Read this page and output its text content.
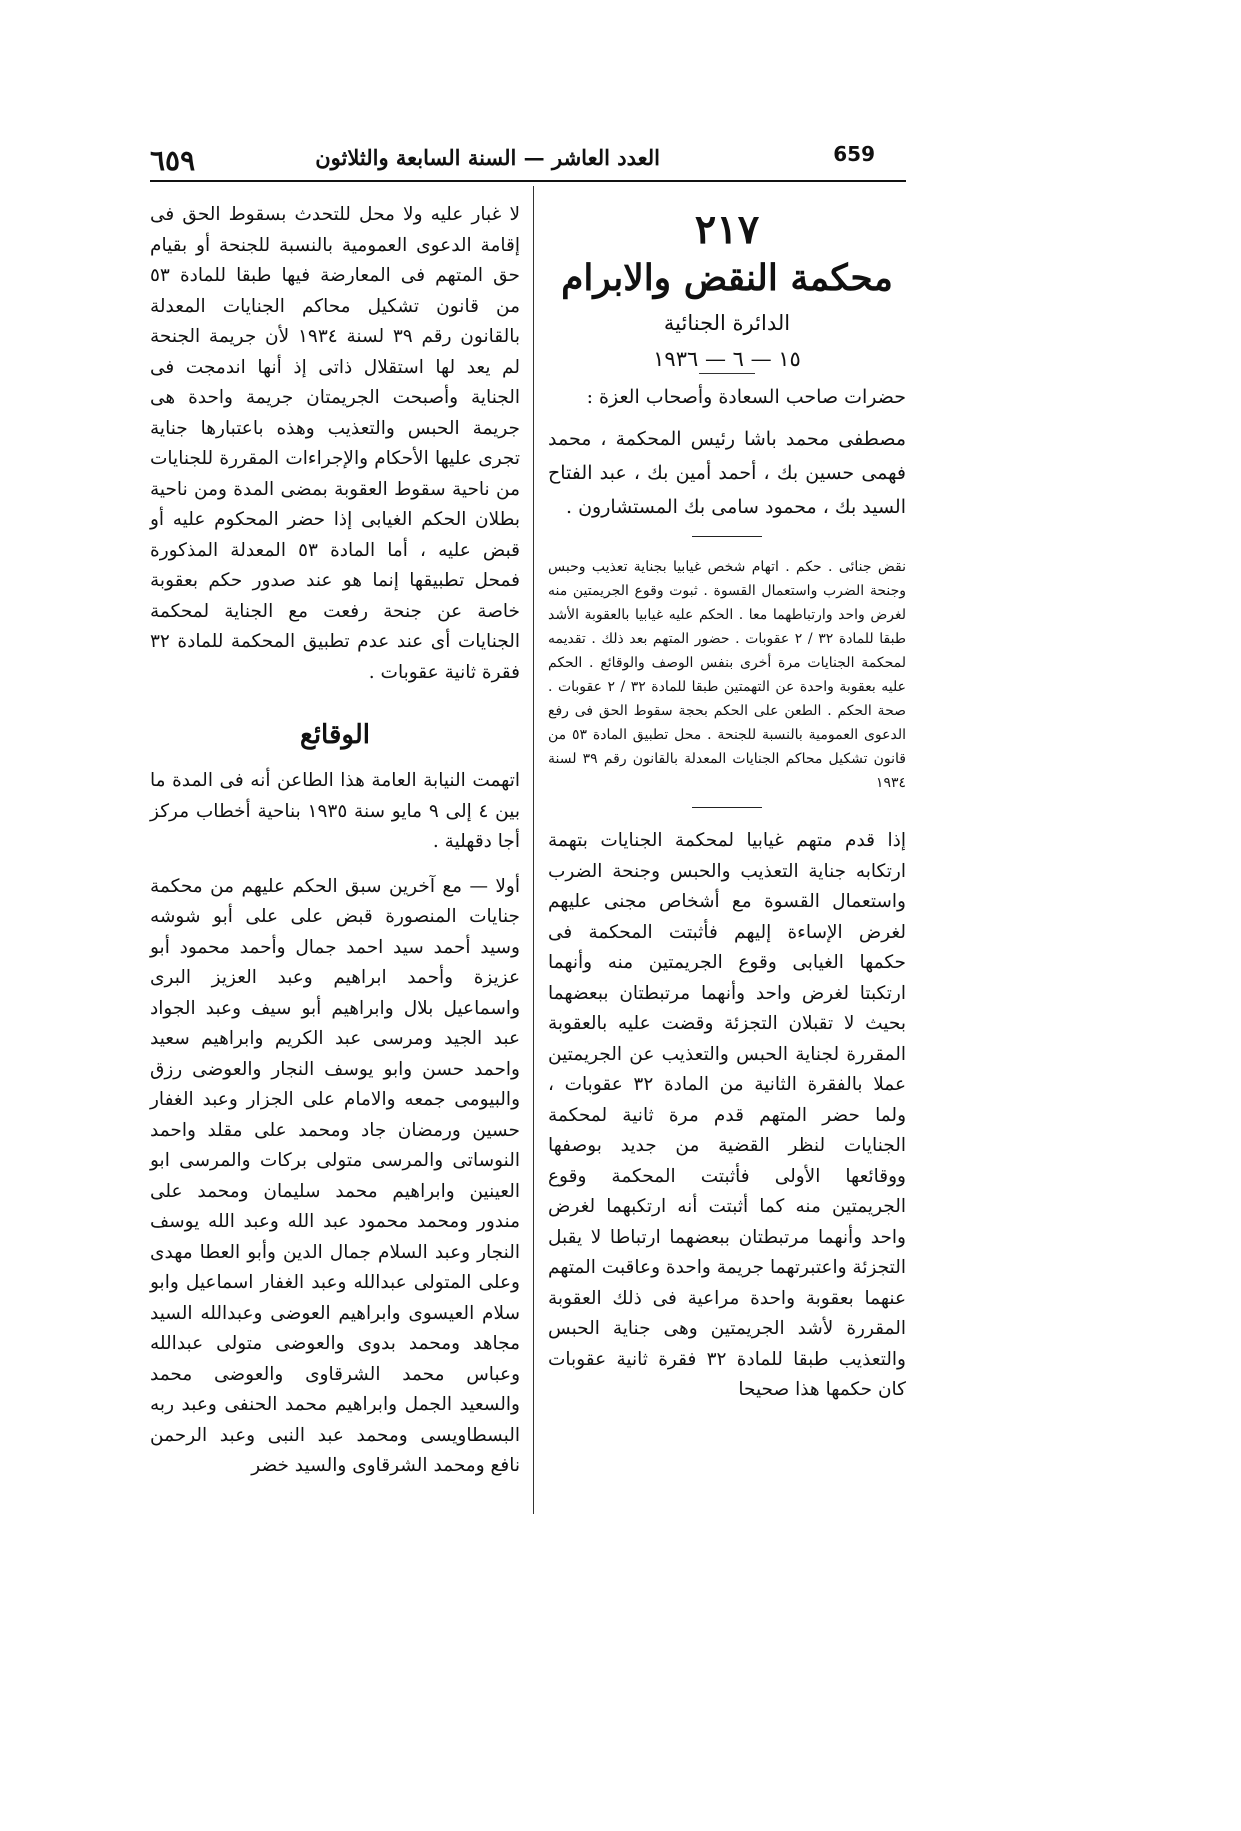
٦٥٩	العدد العاشر — السنة السابعة والثلاثون	659
٢١٧
محكمة النقض والابرام
الدائرة الجنائية
١٥ — ٦ — ١٩٣٦

حضرات صاحب السعادة وأصحاب العزة :

مصطفى محمد باشا رئيس المحكمة ، محمد فهمى حسين بك ، أحمد أمين بك ، عبد الفتاح السيد بك ، محمود سامى بك المستشارون .

نقض جنائى . حكم . اتهام شخص غيابيا بجناية تعذيب وحبس وجنحة الضرب واستعمال القسوة . ثبوت وقوع الجريمتين منه لغرض واحد وارتباطهما معا . الحكم عليه غيابيا بالعقوبة الأشد طبقا للمادة ٣٢ / ٢ عقوبات . حضور المتهم بعد ذلك . تقديمه لمحكمة الجنايات مرة أخرى بنفس الوصف والوقائع . الحكم عليه بعقوبة واحدة عن التهمتين طبقا للمادة ٣٢ / ٢ عقوبات . صحة الحكم . الطعن على الحكم بحجة سقوط الحق فى رفع الدعوى العمومية بالنسبة للجنحة . محل تطبيق المادة ٥٣ من قانون تشكيل محاكم الجنايات المعدلة بالقانون رقم ٣٩ لسنة ١٩٣٤

إذا قدم متهم غيابيا لمحكمة الجنايات بتهمة ارتكابه جناية التعذيب والحبس وجنحة الضرب واستعمال القسوة مع أشخاص مجنى عليهم لغرض الإساءة إليهم فأثبتت المحكمة فى حكمها الغيابى وقوع الجريمتين منه وأنهما ارتكبتا لغرض واحد وأنهما مرتبطتان ببعضهما بحيث لا تقبلان التجزئة وقضت عليه بالعقوبة المقررة لجناية الحبس والتعذيب عن الجريمتين عملا بالفقرة الثانية من المادة ٣٢ عقوبات ، ولما حضر المتهم قدم مرة ثانية لمحكمة الجنايات لنظر القضية من جديد بوصفها ووقائعها الأولى فأثبتت المحكمة وقوع الجريمتين منه كما أثبتت أنه ارتكبهما لغرض واحد وأنهما مرتبطتان ببعضهما ارتباطا لا يقبل التجزئة واعتبرتهما جريمة واحدة وعاقبت المتهم عنهما بعقوبة واحدة مراعية فى ذلك العقوبة المقررة لأشد الجريمتين وهى جناية الحبس والتعذيب طبقا للمادة ٣٢ فقرة ثانية عقوبات كان حكمها هذا صحيحا

لا غبار عليه ولا محل للتحدث بسقوط الحق فى إقامة الدعوى العمومية بالنسبة للجنحة أو بقيام حق المتهم فى المعارضة فيها طبقا للمادة ٥٣ من قانون تشكيل محاكم الجنايات المعدلة بالقانون رقم ٣٩ لسنة ١٩٣٤ لأن جريمة الجنحة لم يعد لها استقلال ذاتى إذ أنها اندمجت فى الجناية وأصبحت الجريمتان جريمة واحدة هى جريمة الحبس والتعذيب وهذه باعتبارها جناية تجرى عليها الأحكام والإجراءات المقررة للجنايات من ناحية سقوط العقوبة بمضى المدة ومن ناحية بطلان الحكم الغيابى إذا حضر المحكوم عليه أو قبض عليه ، أما المادة ٥٣ المعدلة المذكورة فمحل تطبيقها إنما هو عند صدور حكم بعقوبة خاصة عن جنحة رفعت مع الجناية لمحكمة الجنايات أى عند عدم تطبيق المحكمة للمادة ٣٢ فقرة ثانية عقوبات .

الوقائع

اتهمت النيابة العامة هذا الطاعن أنه فى المدة ما بين ٤ إلى ٩ مايو سنة ١٩٣٥ بناحية أخطاب مركز أجا دقهلية .

أولا — مع آخرين سبق الحكم عليهم من محكمة جنايات المنصورة قبض على على أبو شوشه وسيد أحمد سيد احمد جمال وأحمد محمود أبو عزيزة وأحمد ابراهيم وعبد العزيز البرى واسماعيل بلال وابراهيم أبو سيف وعبد الجواد عبد الجيد ومرسى عبد الكريم وابراهيم سعيد واحمد حسن وابو يوسف النجار والعوضى رزق والبيومى جمعه والامام على الجزار وعبد الغفار حسين ورمضان جاد ومحمد على مقلد واحمد النوساتى والمرسى متولى بركات والمرسى ابو العينين وابراهيم محمد سليمان ومحمد على مندور ومحمد محمود عبد الله وعبد الله يوسف النجار وعبد السلام جمال الدين وأبو العطا مهدى وعلى المتولى عبدالله وعبد الغفار اسماعيل وابو سلام العيسوى وابراهيم العوضى وعبدالله السيد مجاهد ومحمد بدوى والعوضى متولى عبدالله وعباس محمد الشرقاوى والعوضى محمد والسعيد الجمل وابراهيم محمد الحنفى وعبد ربه البسطاويسى ومحمد عبد النبى وعبد الرحمن نافع ومحمد الشرقاوى والسيد خضر
